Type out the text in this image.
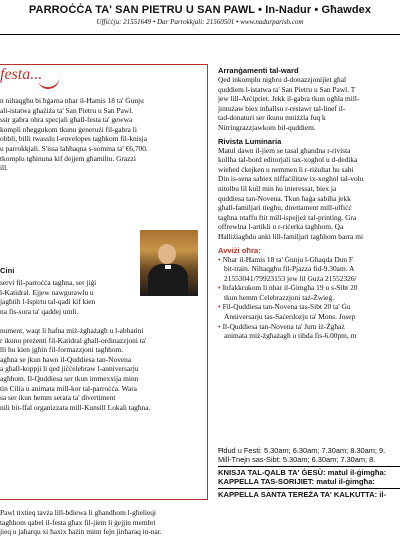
PARROĊĊA TA' SAN PIETRU U SAN PAWL • In-Nadur • Għawdex
Uffiċċju: 21551649 • Dar Parrokkjali: 21560501 • www.nadurparish.com
festa...
n niltaqgħu bi ħġarna nhar il-Ħamis 18 ta' Ġunju
ali-istatwa għażiża ta' San Pietru u San Pawl.
ssir gabra ohra specjali għall-festa ta' gewwa
kompli nħeggukom tkunu ġenerużi fil-gabra li
obbli, billi twasslu l-envelopes tagħkom fil-knisja
u parrokkjali. S'issa laħħaqna s-somma ta' €6,700.
tkomplu tgħinuna kif dejjem għamiltu. Grazzi
ill.
Cini
servi fil-parroċċa tagħna, ser jiġi
l-Katidral. Ejjew nawgurawlu u
jagħtih l-Ispirtu tal-qadi kif kien
na fis-sura ta' qaddej umli.
nument, waqt li ħafna miż-żgħażagħ u l-abbatini
r ikunu preżenti fil-Katidral għall-ordinazzjoni ta'
lli hu kien jgħin fil-formazzjoni tagħhom.
agħna se jkun hawn il-Quddiesa tan-Novena
a għall-koppji li qed jiċċelebraw l-anniversarju
agħhom. Il-Quddiesa ser tkun immexxija minn
tin Cilia u animata mill-kor tal-parroċċa. Wara
sa ser ikun hemm serata ta' divertiment
nili bit-ffal organizzata mill-Kunsill Lokali tagħna.
Pawl tixtieq tavża lill-bdiewa li għandhom l-għelieqi
tagħhom qabel il-festa għax fil-jiem li ġejjin membri
jieq u jaħarqu xi ħaxix ħażin minn fejn jinħaraq in-nar.
Arranġamenti tal-ward
Qed inkomplu nigbru d-donazzjonijiet għal
quddiem l-istatwa ta' San Pietru u San Pawl. T
jew lill-Arċipriet. Jekk il-gabra tkun ogħla mill-
jintużaw biex inħallsu r-restawr tal-linef il-
tad-donaturi ser ikunu mniżżla fuq k
Nirringrazzjawkom bil-quddiem.
Rivista Luminaria
Matul dawn il-jiem se tasal għandna r-rivista
kollha tal-bord editorjali tax-xoghol u d-dedika
wieħed ċkejken u nemmen li r-riżultat hu sabi
Din is-sena sabiex niffaċilitaw ix-xoghol tal-volu
nitolbu lil kull min hu interessat, biex ja
quddiesa tan-Novena. Tkun ħaġa sabiħa jekk
għall-familjari tiegħu, direttament mill-uffiċċ
tagħna ntaffu ftit mill-ispejjeż tal-printing. Gra
offrewlna l-artikli u r-riċerka tagħhom. Qa
Ħalliżiagħdu anki lill-familjari tagħhom barra mi
Avviżi oħra:
• Nhar il-Ħamis 18 ta' Ġunju l-Għaqda Dun F
bit-train. Niltaqgħu fil-Pjazza fid-9.30am. A
21553041/79923153 jew lil Guża 21552326/
• Infakkrukom li nhar il-Ġimgħa 19 u s-Sibt 20
tkun hemm Ċelebrazzjoni taż-Żwieġ.
• Fil-Quddiesa tan-Novena tas-Sibt 20 ta' Ġu
Anniversarju tas-Saċerdozju ta' Mons. Josep
• Il-Quddiesa tan-Novena ta' Jum iż-Żgħaż
animata miż-żgħażagħ u tibda fis-6.00pm, m
Ħdud u Festi: 5.30am; 6.30am; 7.30am; 8.30am; 9.
Mill-Tnejn sas-Sibt: 5.30am; 6.30am; 7.30am; 8.
KNISJA TAL-QALB TA' ĠESÙ: matul il-ġimgħa:
KAPPELLA TAS-SORIJIET: matul il-ġimgħa:
KAPPELLA SANTA TEREŻA TA' KALKUTTA: il-
